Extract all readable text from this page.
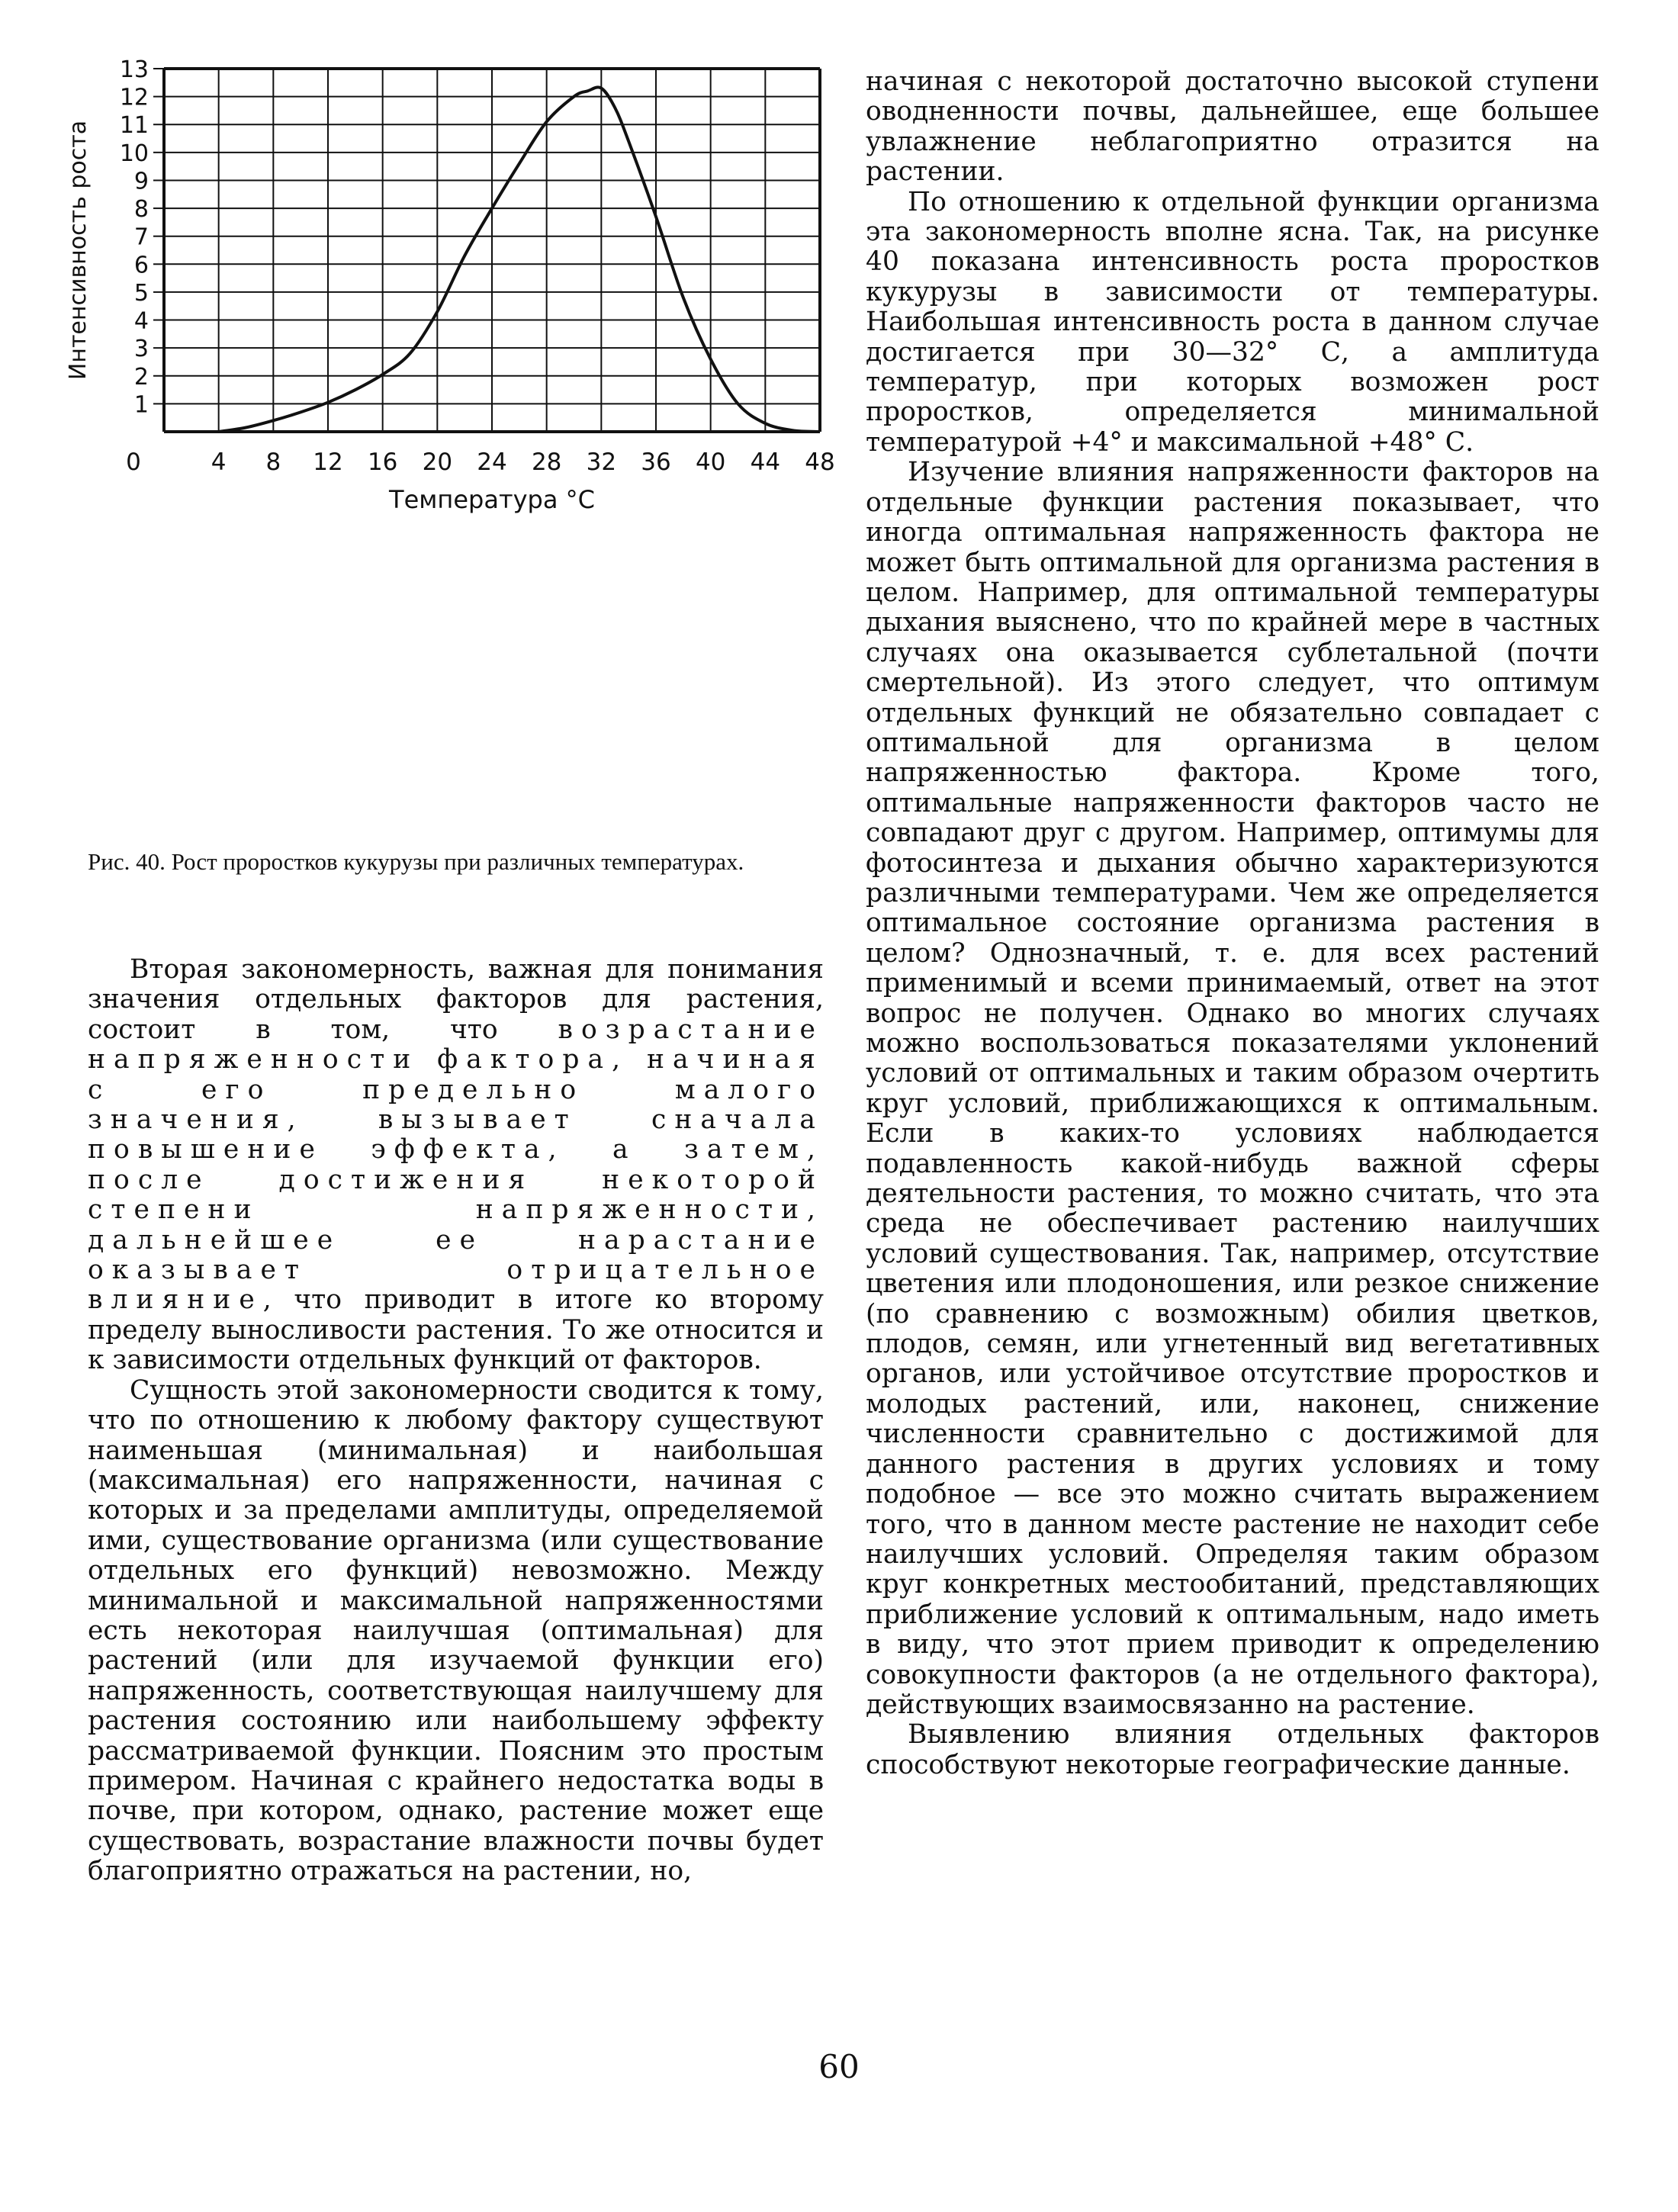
1
2
3
4
5
6
7
8
9
10
11
12
13
0	4 8 12 16 20 24 28 32 36 40 44 48
Интенсивность роста
Температура °С
Рис. 40. Рост проростков кукурузы при различных температурах.

Вторая закономерность, важная для понимания значения отдельных факторов для растения, состоит в том, что возрастание напряженности фактора, начиная с его предельно малого значения, вызывает сначала повышение эффекта, а затем, после достижения некоторой степени напряженности, дальнейшее ее нарастание оказывает отрицательное влияние, что приводит в итоге ко второму пределу выносливости растения. То же относится и к зависимости отдельных функций от факторов.

Сущность этой закономерности сводится к тому, что по отношению к любому фактору существуют наименьшая (минимальная) и наибольшая (максимальная) его напряженности, начиная с которых и за пределами амплитуды, определяемой ими, существование организма (или существование отдельных его функций) невозможно. Между минимальной и максимальной напряженностями есть некоторая наилучшая (оптимальная) для растений (или для изучаемой функции его) напряженность, соответствующая наилучшему для растения состоянию или наибольшему эффекту рассматриваемой функции. Поясним это простым примером. Начиная с крайнего недостатка воды в почве, при котором, однако, растение может еще существовать, возрастание влажности почвы будет благоприятно отражаться на растении, но,

начиная с некоторой достаточно высокой ступени оводненности почвы, дальнейшее, еще большее увлажнение неблагоприятно отразится на растении.

По отношению к отдельной функции организма эта закономерность вполне ясна. Так, на рисунке 40 показана интенсивность роста проростков кукурузы в зависимости от температуры. Наибольшая интенсивность роста в данном случае достигается при 30—32° С, а амплитуда температур, при которых возможен рост проростков, определяется минимальной температурой +4° и максимальной +48° С.

Изучение влияния напряженности факторов на отдельные функции растения показывает, что иногда оптимальная напряженность фактора не может быть оптимальной для организма растения в целом. Например, для оптимальной температуры дыхания выяснено, что по крайней мере в частных случаях она оказывается сублетальной (почти смертельной). Из этого следует, что оптимум отдельных функций не обязательно совпадает с оптимальной для организма в целом напряженностью фактора. Кроме того, оптимальные напряженности факторов часто не совпадают друг с другом. Например, оптимумы для фотосинтеза и дыхания обычно характеризуются различными температурами. Чем же определяется оптимальное состояние организма растения в целом? Однозначный, т. е. для всех растений применимый и всеми принимаемый, ответ на этот вопрос не получен. Однако во многих случаях можно воспользоваться показателями уклонений условий от оптимальных и таким образом очертить круг условий, приближающихся к оптимальным. Если в каких-то условиях наблюдается подавленность какой-нибудь важной сферы деятельности растения, то можно считать, что эта среда не обеспечивает растению наилучших условий существования. Так, например, отсутствие цветения или плодоношения, или резкое снижение (по сравнению с возможным) обилия цветков, плодов, семян, или угнетенный вид вегетативных органов, или устойчивое отсутствие проростков и молодых растений, или, наконец, снижение численности сравнительно с достижимой для данного растения в других условиях и тому подобное — все это можно считать выражением того, что в данном месте растение не находит себе наилучших условий. Определяя таким образом круг конкретных местообитаний, представляющих приближение условий к оптимальным, надо иметь в виду, что этот прием приводит к определению совокупности факторов (а не отдельного фактора), действующих взаимосвязанно на растение.

Выявлению влияния отдельных факторов способствуют некоторые географические данные.

60
